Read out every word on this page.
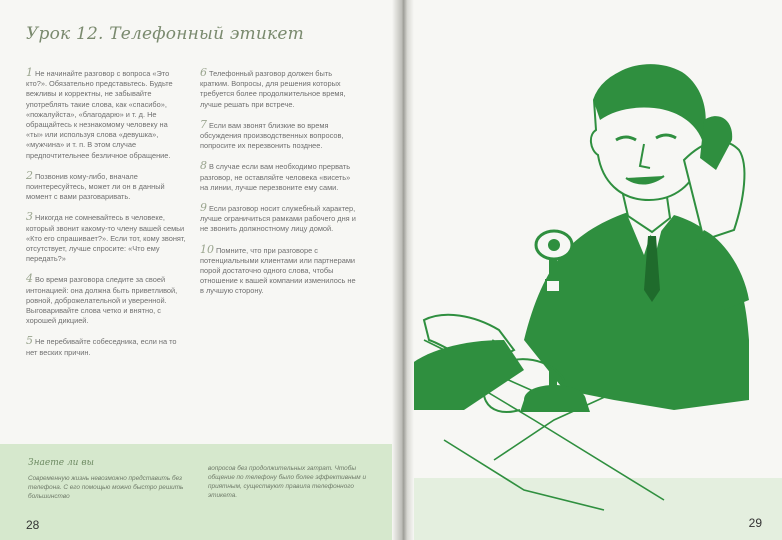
Урок 12. Телефонный этикет

1 Не начинайте разговор с вопроса «Это кто?». Обязательно представьтесь. Будьте вежливы и корректны, не забывайте употреблять такие слова, как «спасибо», «пожалуйста», «благодарю» и т. д. Не обращайтесь к незнакомому человеку на «ты» или используя слова «девушка», «мужчина» и т. п. В этом случае предпочтительнее безличное обращение.

2 Позвонив кому-либо, вначале поинтересуйтесь, может ли он в данный момент с вами разговаривать.

3 Никогда не сомневайтесь в человеке, который звонит какому-то члену вашей семьи «Кто его спрашивает?». Если тот, кому звонят, отсутствует, лучше спросите: «Что ему передать?»

4 Во время разговора следите за своей интонацией: она должна быть приветливой, ровной, доброжелательной и уверенной. Выговаривайте слова четко и внятно, с хорошей дикцией.

5 Не перебивайте собеседника, если на то нет веских причин.

6 Телефонный разговор должен быть кратким. Вопросы, для решения которых требуется более продолжительное время, лучше решать при встрече.

7 Если вам звонят близкие во время обсуждения производственных вопросов, попросите их перезвонить позднее.

8 В случае если вам необходимо прервать разговор, не оставляйте человека «висеть» на линии, лучше перезвоните ему сами.

9 Если разговор носит служебный характер, лучше ограничиться рамками рабочего дня и не звонить должностному лицу домой.

10 Помните, что при разговоре с потенциальными клиентами или партнерами порой достаточно одного слова, чтобы отношение к вашей компании изменилось не в лучшую сторону.

Знаете ли вы
Современную жизнь невозможно представить без телефона. С его помощью можно быстро решить большинство
вопросов без продолжительных затрат. Чтобы общение по телефону было более эффективным и приятным, существуют правила телефонного этикета.
28	29
